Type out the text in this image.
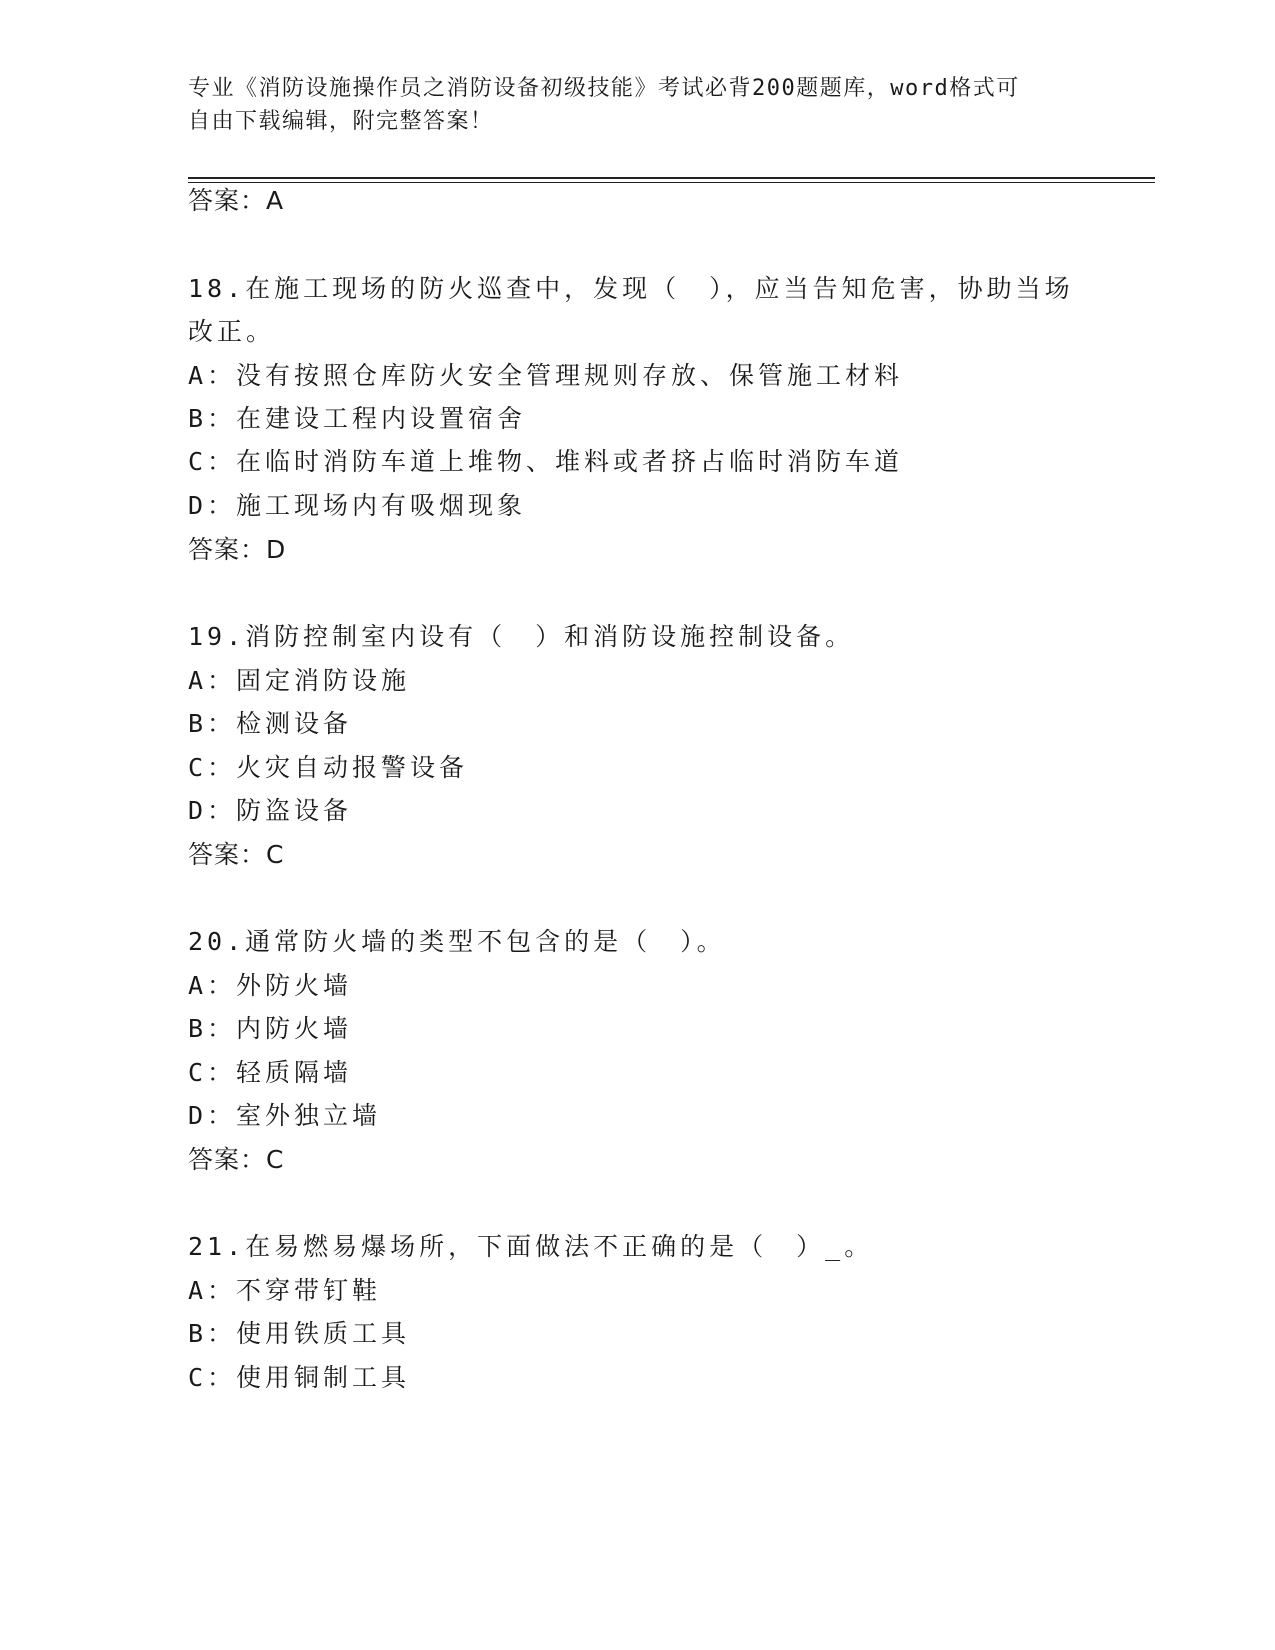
专业《消防设施操作员之消防设备初级技能》考试必背200题题库，word格式可
自由下载编辑，附完整答案！
答案：A
18.在施工现场的防火巡查中，发现（　），应当告知危害，协助当场
改正。
A：没有按照仓库防火安全管理规则存放、保管施工材料
B：在建设工程内设置宿舍
C：在临时消防车道上堆物、堆料或者挤占临时消防车道
D：施工现场内有吸烟现象
答案：D
19.消防控制室内设有（　）和消防设施控制设备。
A：固定消防设施
B：检测设备
C：火灾自动报警设备
D：防盗设备
答案：C
20.通常防火墙的类型不包含的是（　）。
A：外防火墙
B：内防火墙
C：轻质隔墙
D：室外独立墙
答案：C
21.在易燃易爆场所，下面做法不正确的是（　）_。
A：不穿带钉鞋
B：使用铁质工具
C：使用铜制工具
